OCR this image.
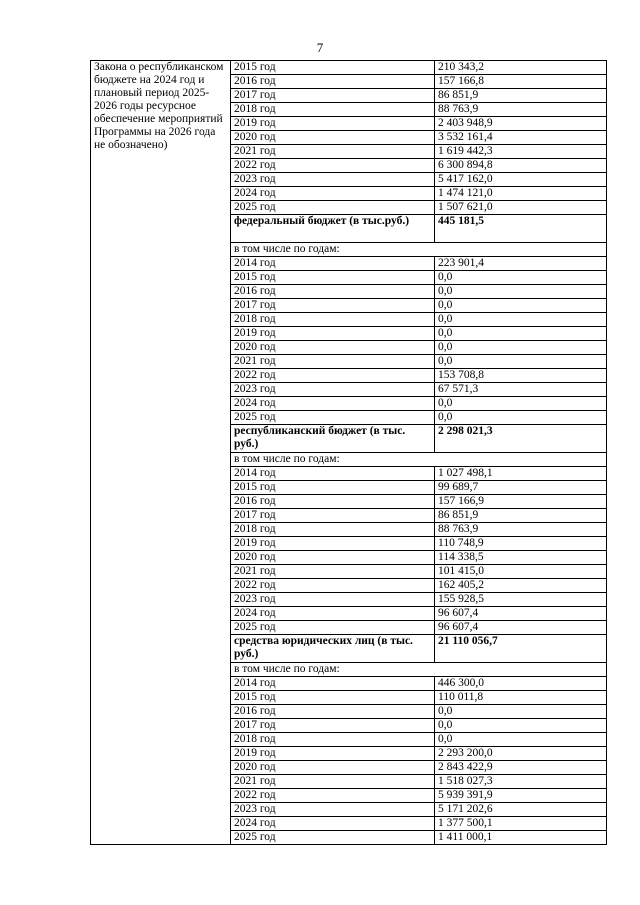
7
Закона о республиканском бюджете на 2024 год и плановый период 2025-2026 годы ресурсное обеспечение мероприятий Программы на 2026 года не обозначено)	2015 год	210 343,2
	2016 год	157 166,8
	2017 год	86 851,9
	2018 год	88 763,9
	2019 год	2 403 948,9
	2020 год	3 532 161,4
	2021 год	1 619 442,3
	2022 год	6 300 894,8
	2023 год	5 417 162,0
	2024 год	1 474 121,0
	2025 год	1 507 621,0
	федеральный бюджет (в тыс.руб.)	445 181,5
	в том числе по годам:	
	2014 год	223 901,4
	2015 год	0,0
	2016 год	0,0
	2017 год	0,0
	2018 год	0,0
	2019 год	0,0
	2020 год	0,0
	2021 год	0,0
	2022 год	153 708,8
	2023 год	67 571,3
	2024 год	0,0
	2025 год	0,0
	республиканский бюджет (в тыс. руб.)	2 298 021,3
	в том числе по годам:	
	2014 год	1 027 498,1
	2015 год	99 689,7
	2016 год	157 166,9
	2017 год	86 851,9
	2018 год	88 763,9
	2019 год	110 748,9
	2020 год	114 338,5
	2021 год	101 415,0
	2022 год	162 405,2
	2023 год	155 928,5
	2024 год	96 607,4
	2025 год	96 607,4
	средства юридических лиц (в тыс. руб.)	21 110 056,7
	в том числе по годам:	
	2014 год	446 300,0
	2015 год	110 011,8
	2016 год	0,0
	2017 год	0,0
	2018 год	0,0
	2019 год	2 293 200,0
	2020 год	2 843 422,9
	2021 год	1 518 027,3
	2022 год	5 939 391,9
	2023 год	5 171 202,6
	2024 год	1 377 500,1
	2025 год	1 411 000,1
